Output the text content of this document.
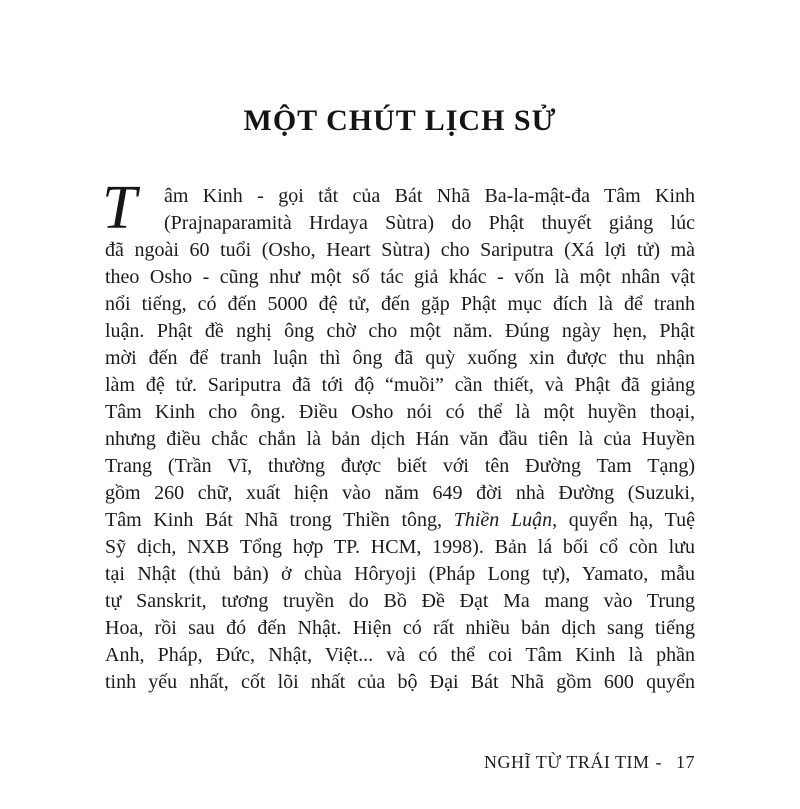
MỘT CHÚT LỊCH SỬ
T	âm Kinh - gọi tắt của Bát Nhã Ba-la-mật-đa Tâm Kinh
(Prajnaparamità Hrdaya Sùtra) do Phật thuyết giảng lúc
đã ngoài 60 tuổi (Osho, Heart Sùtra) cho Sariputra (Xá lợi tử) mà
theo Osho - cũng như một số tác giả khác - vốn là một nhân vật
nổi tiếng, có đến 5000 đệ tử, đến gặp Phật mục đích là để tranh
luận. Phật đề nghị ông chờ cho một năm. Đúng ngày hẹn, Phật
mời đến để tranh luận thì ông đã quỳ xuống xin được thu nhận
làm đệ tử. Sariputra đã tới độ “muồi” cần thiết, và Phật đã giảng
Tâm Kinh cho ông. Điều Osho nói có thể là một huyền thoại,
nhưng điều chắc chắn là bản dịch Hán văn đầu tiên là của Huyền
Trang (Trần Vĩ, thường được biết với tên Đường Tam Tạng)
gồm 260 chữ, xuất hiện vào năm 649 đời nhà Đường (Suzuki,
Tâm Kinh Bát Nhã trong Thiền tông, Thiền Luận, quyển hạ, Tuệ
Sỹ dịch, NXB Tổng hợp TP. HCM, 1998). Bản lá bối cổ còn lưu
tại Nhật (thủ bản) ở chùa Hôryoji (Pháp Long tự), Yamato, mẫu
tự Sanskrit, tương truyền do Bồ Đề Đạt Ma mang vào Trung
Hoa, rồi sau đó đến Nhật. Hiện có rất nhiều bản dịch sang tiếng
Anh, Pháp, Đức, Nhật, Việt... và có thể coi Tâm Kinh là phần
tinh yếu nhất, cốt lõi nhất của bộ Đại Bát Nhã gồm 600 quyển
NGHĨ TỪ TRÁI TIM - 17
